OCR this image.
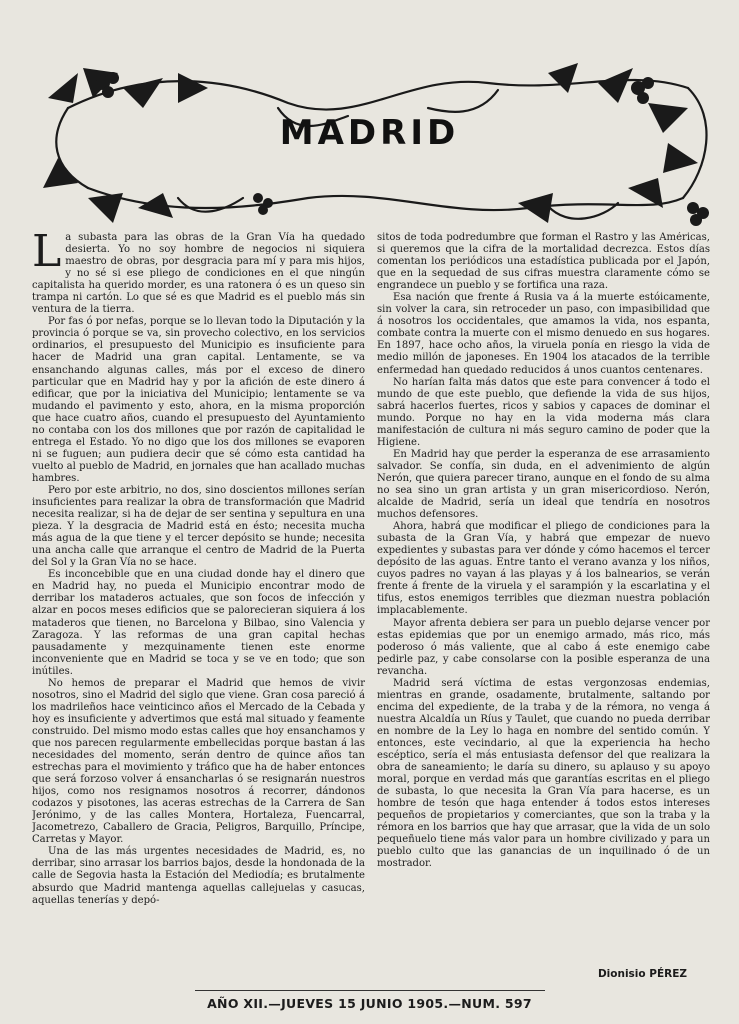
MADRID

La subasta para las obras de la Gran Vía ha quedado desierta. Yo no soy hombre de negocios ni siquiera maestro de obras, por desgracia para mí y para mis hijos, y no sé si ese pliego de condiciones en el que ningún capitalista ha querido morder, es una ratonera ó es un queso sin trampa ni cartón. Lo que sé es que Madrid es el pueblo más sin ventura de la tierra.

Por fas ó por nefas, porque se lo llevan todo la Diputación y la provincia ó porque se va, sin provecho colectivo, en los servicios ordinarios, el presupuesto del Municipio es insuficiente para hacer de Madrid una gran capital. Lentamente, se va ensanchando algunas calles, más por el exceso de dinero particular que en Madrid hay y por la afición de este dinero á edificar, que por la iniciativa del Municipio; lentamente se va mudando el pavimento y esto, ahora, en la misma proporción que hace cuatro años, cuando el presupuesto del Ayuntamiento no contaba con los dos millones que por razón de capitalidad le entrega el Estado. Yo no digo que los dos millones se evaporen ni se fuguen; aun pudiera decir que sé cómo esta cantidad ha vuelto al pueblo de Madrid, en jornales que han acallado muchas hambres.

Pero por este arbitrio, no dos, sino doscientos millones serían insuficientes para realizar la obra de transformación que Madrid necesita realizar, si ha de dejar de ser sentina y sepultura en una pieza. Y la desgracia de Madrid está en ésto; necesita mucha más agua de la que tiene y el tercer depósito se hunde; necesita una ancha calle que arranque el centro de Madrid de la Puerta del Sol y la Gran Vía no se hace.

Es inconcebible que en una ciudad donde hay el dinero que en Madrid hay, no pueda el Municipio encontrar modo de derribar los mataderos actuales, que son focos de infección y alzar en pocos meses edificios que se palorecieran siquiera á los mataderos que tienen, no Barcelona y Bilbao, sino Valencia y Zaragoza. Y las reformas de una gran capital hechas pausadamente y mezquinamente tienen este enorme inconveniente que en Madrid se toca y se ve en todo; que son inútiles.

No hemos de preparar el Madrid que hemos de vivir nosotros, sino el Madrid del siglo que viene. Gran cosa pareció á los madrileños hace veinticinco años el Mercado de la Cebada y hoy es insuficiente y advertimos que está mal situado y feamente construido. Del mismo modo estas calles que hoy ensanchamos y que nos parecen regularmente embellecidas porque bastan á las necesidades del momento, serán dentro de quince años tan estrechas para el movimiento y tráfico que ha de haber entonces que será forzoso volver á ensancharlas ó se resignarán nuestros hijos, como nos resignamos nosotros á recorrer, dándonos codazos y pisotones, las aceras estrechas de la Carrera de San Jerónimo, y de las calles Montera, Hortaleza, Fuencarral, Jacometrezo, Caballero de Gracia, Peligros, Barquillo, Príncipe, Carretas y Mayor.

Una de las más urgentes necesidades de Madrid, es, no derribar, sino arrasar los barrios bajos, desde la hondonada de la calle de Segovia hasta la Estación del Mediodía; es brutalmente absurdo que Madrid mantenga aquellas callejuelas y casucas, aquellas tenerías y depó-

sitos de toda podredumbre que forman el Rastro y las Américas, si queremos que la cifra de la mortalidad decrezca. Estos días comentan los periódicos una estadística publicada por el Japón, que en la sequedad de sus cifras muestra claramente cómo se engrandece un pueblo y se fortifica una raza.

Esa nación que frente á Rusia va á la muerte estóicamente, sin volver la cara, sin retroceder un paso, con impasibilidad que á nosotros los occidentales, que amamos la vida, nos espanta, combate contra la muerte con el mismo denuedo en sus hogares. En 1897, hace ocho años, la viruela ponía en riesgo la vida de medio millón de japoneses. En 1904 los atacados de la terrible enfermedad han quedado reducidos á unos cuantos centenares.

No harían falta más datos que este para convencer á todo el mundo de que este pueblo, que defiende la vida de sus hijos, sabrá hacerlos fuertes, ricos y sabios y capaces de dominar el mundo. Porque no hay en la vida moderna más clara manifestación de cultura ni más seguro camino de poder que la Higiene.

En Madrid hay que perder la esperanza de ese arrasamiento salvador. Se confía, sin duda, en el advenimiento de algún Nerón, que quiera parecer tirano, aunque en el fondo de su alma no sea sino un gran artista y un gran misericordioso. Nerón, alcalde de Madrid, sería un ideal que tendría en nosotros muchos defensores.

Ahora, habrá que modificar el pliego de condiciones para la subasta de la Gran Vía, y habrá que empezar de nuevo expedientes y subastas para ver dónde y cómo hacemos el tercer depósito de las aguas. Entre tanto el verano avanza y los niños, cuyos padres no vayan á las playas y á los balnearios, se verán frente á frente de la viruela y el sarampión y la escarlatina y el tifus, estos enemigos terribles que diezman nuestra población implacablemente.

Mayor afrenta debiera ser para un pueblo dejarse vencer por estas epidemias que por un enemigo armado, más rico, más poderoso ó más valiente, que al cabo á este enemigo cabe pedirle paz, y cabe consolarse con la posible esperanza de una revancha.

Madrid será víctima de estas vergonzosas endemias, mientras en grande, osadamente, brutalmente, saltando por encima del expediente, de la traba y de la rémora, no venga á nuestra Alcaldía un Ríus y Taulet, que cuando no pueda derribar en nombre de la Ley lo haga en nombre del sentido común. Y entonces, este vecindario, al que la experiencia ha hecho escéptico, sería el más entusiasta defensor del que realizara la obra de saneamiento; le daría su dinero, su aplauso y su apoyo moral, porque en verdad más que garantías escritas en el pliego de subasta, lo que necesita la Gran Vía para hacerse, es un hombre de tesón que haga entender á todos estos intereses pequeños de propietarios y comerciantes, que son la traba y la rémora en los barrios que hay que arrasar, que la vida de un solo pequeñuelo tiene más valor para un hombre civilizado y para un pueblo culto que las ganancias de un inquilinado ó de un mostrador.

Dionisio PÉREZ
AÑO XII.—JUEVES 15 JUNIO 1905.—NUM. 597
